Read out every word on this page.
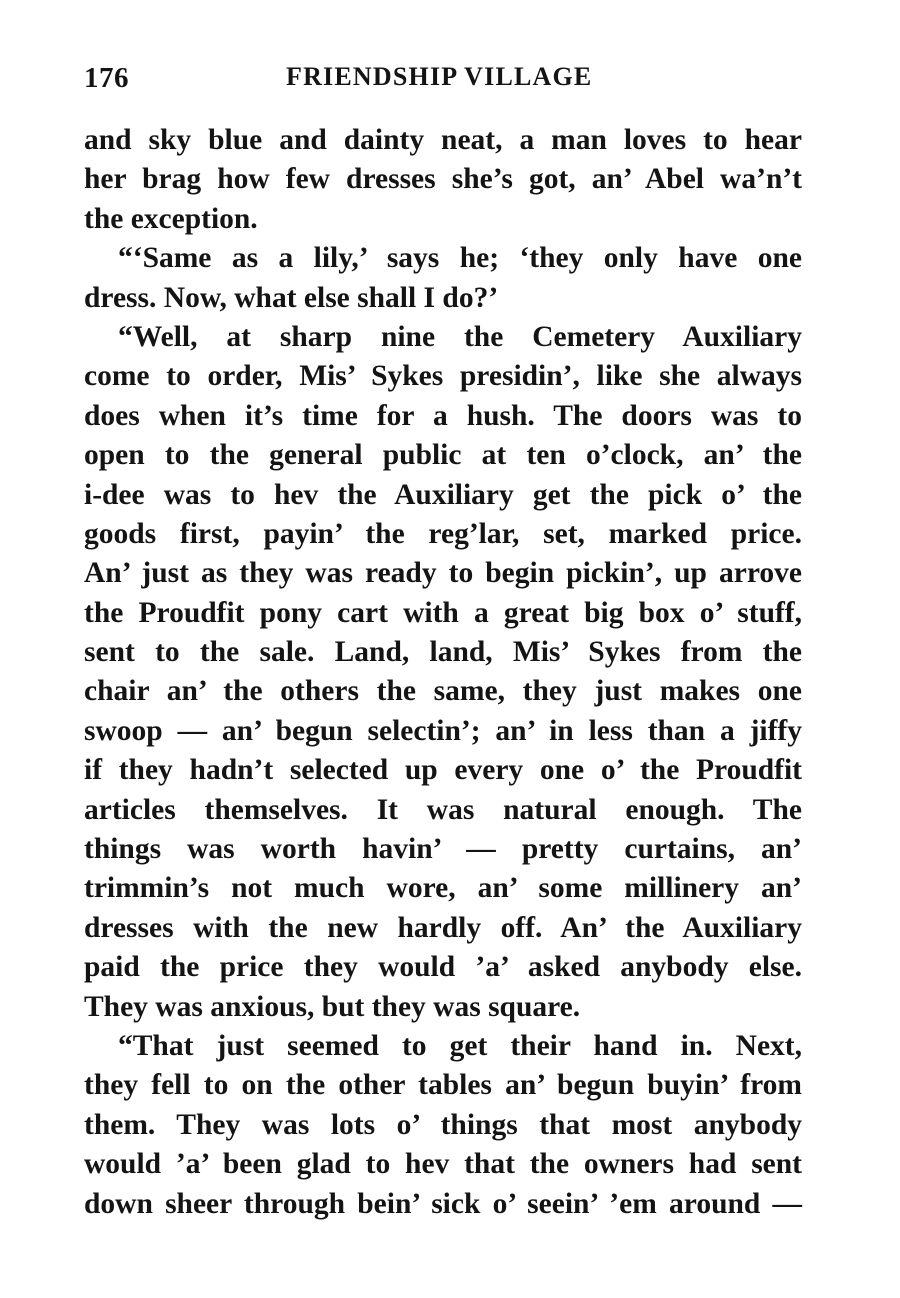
176	FRIENDSHIP VILLAGE
and sky blue and dainty neat, a man loves to hear
her brag how few dresses she’s got, an’ Abel wa’n’t
the exception.
“‘Same as a lily,’ says he; ‘they only have one
dress. Now, what else shall I do?’
“Well, at sharp nine the Cemetery Auxiliary
come to order, Mis’ Sykes presidin’, like she always
does when it’s time for a hush. The doors was to
open to the general public at ten o’clock, an’ the
i-dee was to hev the Auxiliary get the pick o’ the
goods first, payin’ the reg’lar, set, marked price.
An’ just as they was ready to begin pickin’, up arrove
the Proudfit pony cart with a great big box o’ stuff,
sent to the sale. Land, land, Mis’ Sykes from the
chair an’ the others the same, they just makes one
swoop — an’ begun selectin’; an’ in less than a jiffy
if they hadn’t selected up every one o’ the Proudfit
articles themselves. It was natural enough. The
things was worth havin’ — pretty curtains, an’
trimmin’s not much wore, an’ some millinery an’
dresses with the new hardly off. An’ the Auxiliary
paid the price they would ’a’ asked anybody else.
They was anxious, but they was square.
“That just seemed to get their hand in. Next,
they fell to on the other tables an’ begun buyin’ from
them. They was lots o’ things that most anybody
would ’a’ been glad to hev that the owners had sent
down sheer through bein’ sick o’ seein’ ’em around —
